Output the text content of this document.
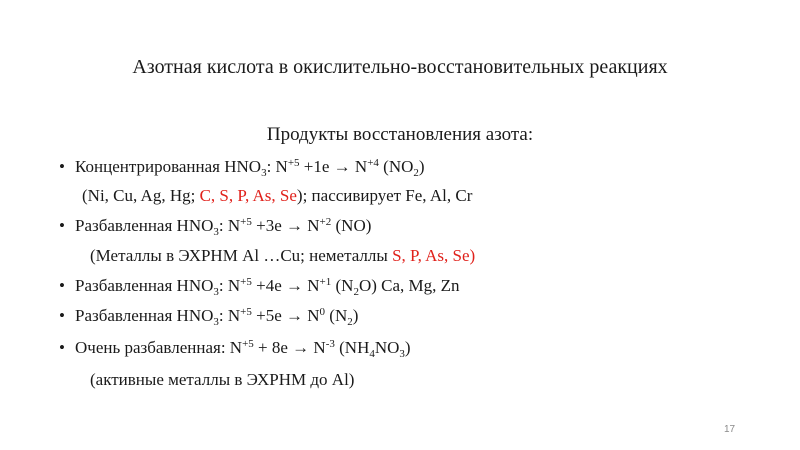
Азотная кислота в окислительно-восстановительных реакциях
Продукты восстановления азота:
• Концентрированная $HNO_3$: $N^{+5} +1e \to N^{+4}$ $(NO_2)$
(Ni, Cu, Ag, Hg; C, S, P, As, Se); пассивирует Fe, Al, Cr
• Разбавленная $HNO_3$: $N^{+5} +3e \to N^{+2}$ (NO)
(Металлы в ЭХРНМ Al …Cu; неметаллы S, P, As, Se)
• Разбавленная $HNO_3$: $N^{+5} +4e \to N^{+1}$ $(N_2O)$ Ca, Mg, Zn
• Разбавленная $HNO_3$: $N^{+5} +5e \to N^0$ $(N_2)$
• Очень разбавленная: $N^{+5} + 8e \to N^{-3}$ $(NH_4NO_3)$
(активные металлы в ЭХРНМ до Al)
17
